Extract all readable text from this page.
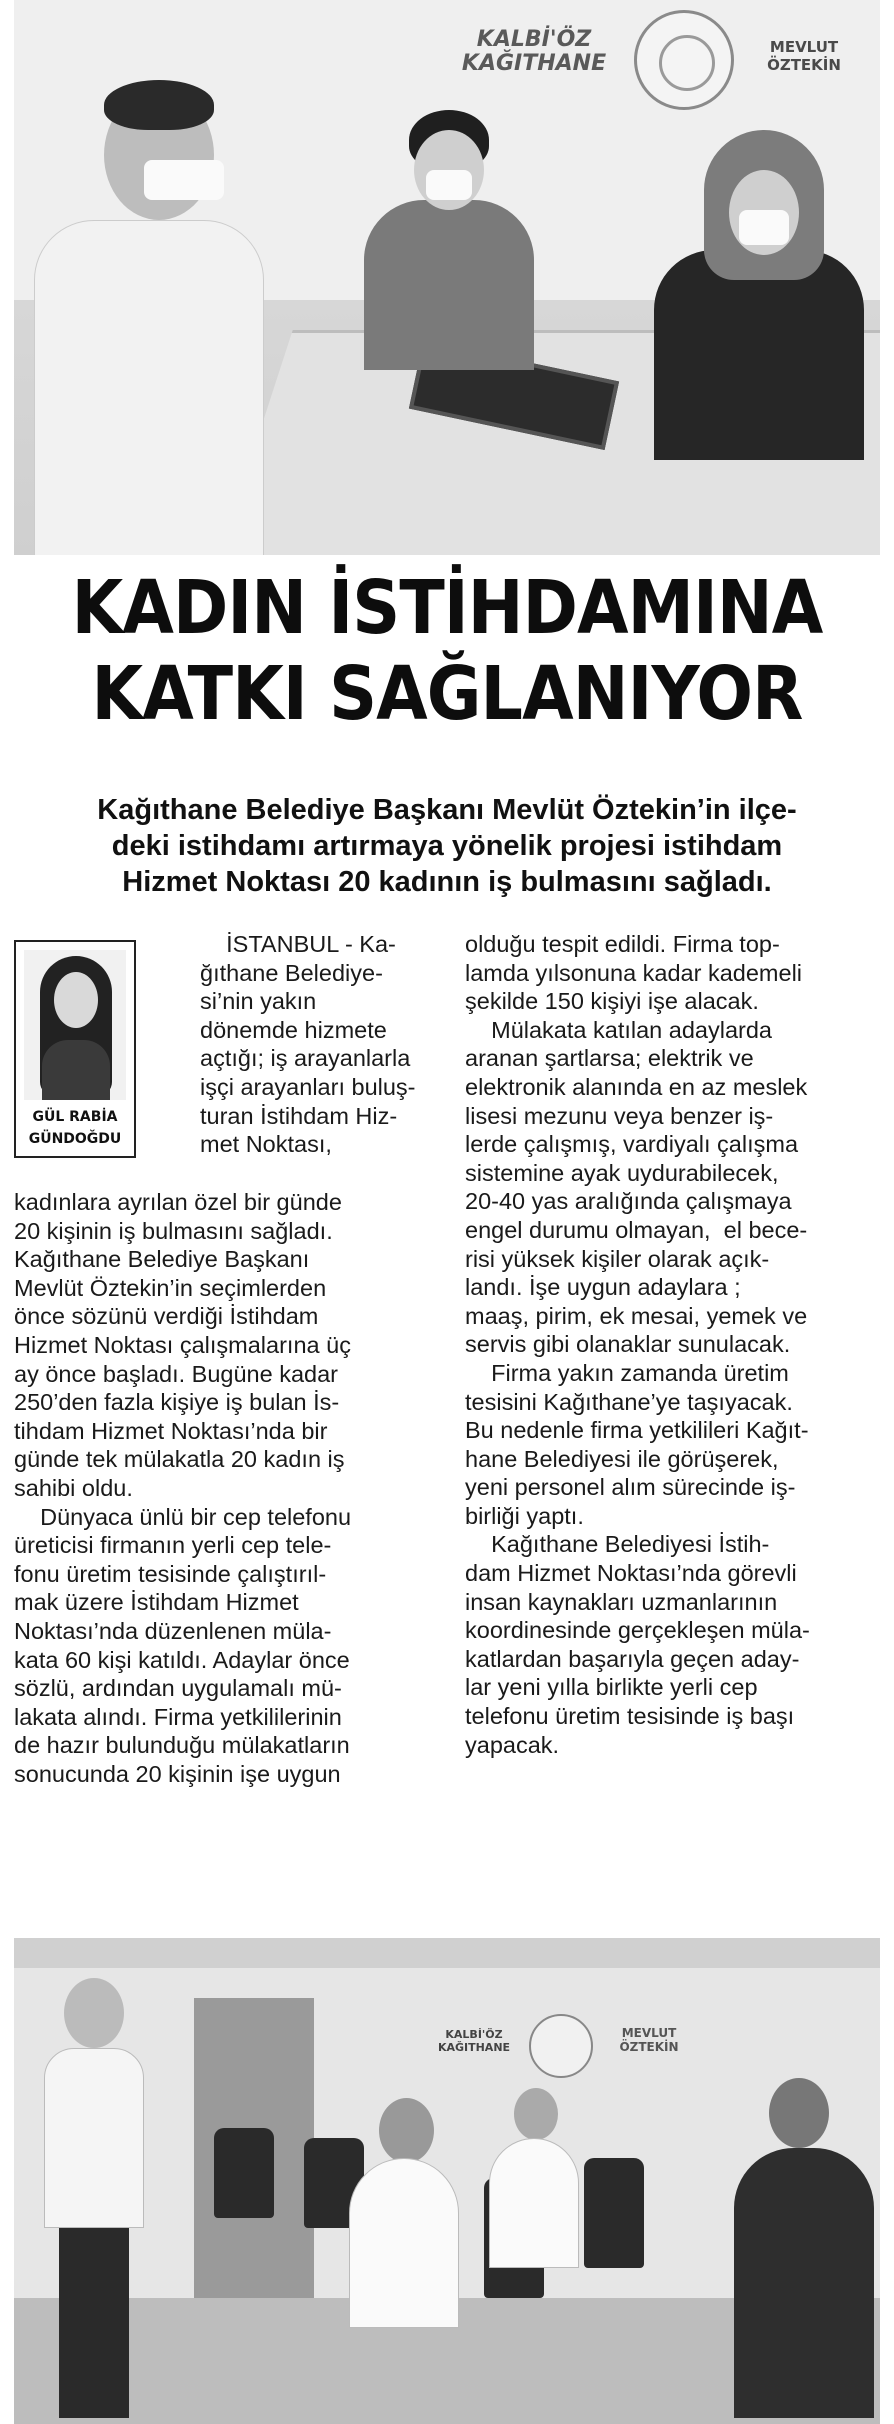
KALBİ'ÖZ
KAĞITHANE
MEVLUT
ÖZTEKİN
KADIN İSTİHDAMINA
KATKI SAĞLANIYOR
Kağıthane Belediye Başkanı Mevlüt Öztekin’in ilçe-
deki istihdamı artırmaya yönelik projesi istihdam
Hizmet Noktası 20 kadının iş bulmasını sağladı.
GÜL RABİA
GÜNDOĞDU
İSTANBUL - Ka-
ğıthane Belediye-
si’nin yakın
dönemde hizmete
açtığı; iş arayanlarla
işçi arayanları buluş-
turan İstihdam Hiz-
met Noktası,
kadınlara ayrılan özel bir günde
20 kişinin iş bulmasını sağladı.
Kağıthane Belediye Başkanı
Mevlüt Öztekin’in seçimlerden
önce sözünü verdiği İstihdam
Hizmet Noktası çalışmalarına üç
ay önce başladı. Bugüne kadar
250’den fazla kişiye iş bulan İs-
tihdam Hizmet Noktası’nda bir
günde tek mülakatla 20 kadın iş
sahibi oldu.
Dünyaca ünlü bir cep telefonu
üreticisi firmanın yerli cep tele-
fonu üretim tesisinde çalıştırıl-
mak üzere İstihdam Hizmet
Noktası’nda düzenlenen müla-
kata 60 kişi katıldı. Adaylar önce
sözlü, ardından uygulamalı mü-
lakata alındı. Firma yetkililerinin
de hazır bulunduğu mülakatların
sonucunda 20 kişinin işe uygun
olduğu tespit edildi. Firma top-
lamda yılsonuna kadar kademeli
şekilde 150 kişiyi işe alacak.
Mülakata katılan adaylarda
aranan şartlarsa; elektrik ve
elektronik alanında en az meslek
lisesi mezunu veya benzer iş-
lerde çalışmış, vardiyalı çalışma
sistemine ayak uydurabilecek,
20-40 yas aralığında çalışmaya
engel durumu olmayan,  el bece-
risi yüksek kişiler olarak açık-
landı. İşe uygun adaylara ;
maaş, pirim, ek mesai, yemek ve
servis gibi olanaklar sunulacak.
Firma yakın zamanda üretim
tesisini Kağıthane’ye taşıyacak.
Bu nedenle firma yetkilileri Kağıt-
hane Belediyesi ile görüşerek,
yeni personel alım sürecinde iş-
birliği yaptı.
Kağıthane Belediyesi İstih-
dam Hizmet Noktası’nda görevli
insan kaynakları uzmanlarının
koordinesinde gerçekleşen müla-
katlardan başarıyla geçen aday-
lar yeni yılla birlikte yerli cep
telefonu üretim tesisinde iş başı
yapacak.
KALBİ'ÖZ
KAĞITHANE
MEVLUT
ÖZTEKİN
